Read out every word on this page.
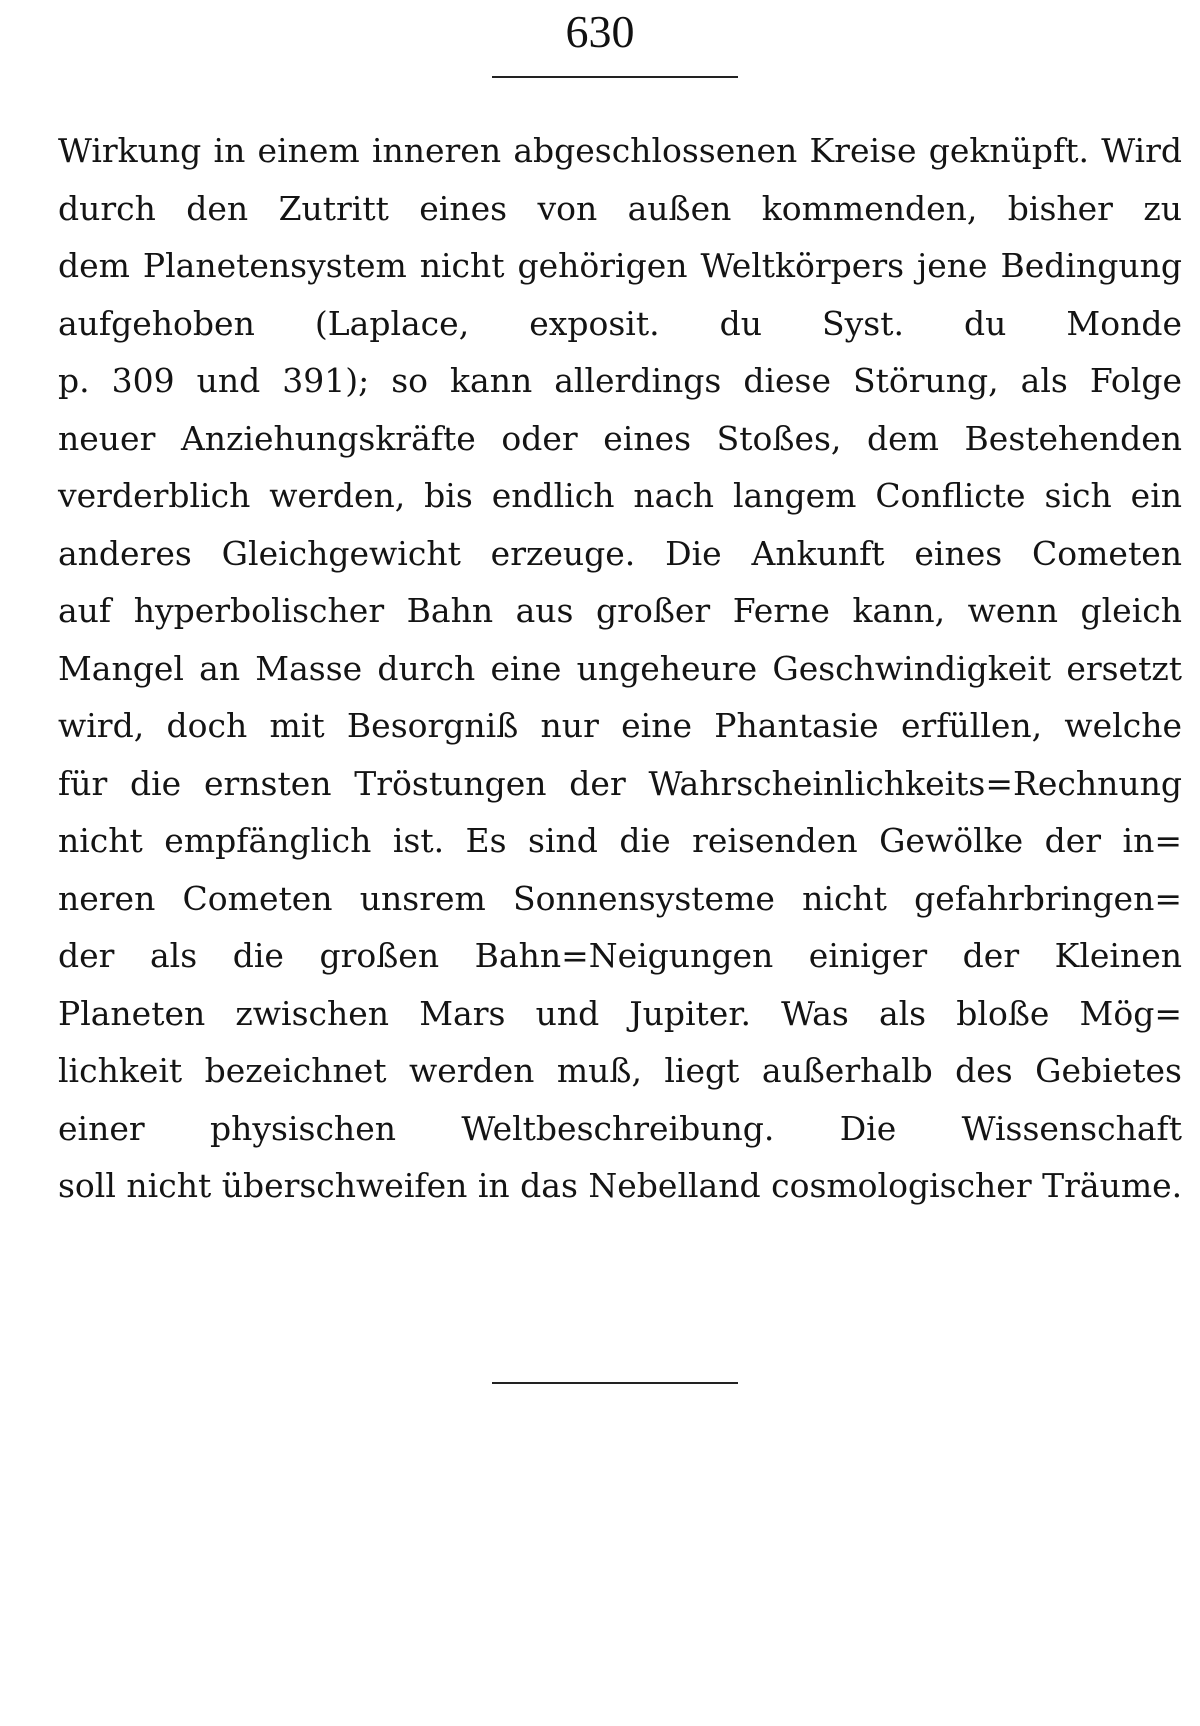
630
Wirkung in einem inneren abgeschlossenen Kreise geknüpft. Wird
durch den Zutritt eines von außen kommenden, bisher zu
dem Planetensystem nicht gehörigen Weltkörpers jene Bedingung
aufgehoben (Laplace, exposit. du Syst. du Monde
p. 309 und 391); so kann allerdings diese Störung, als Folge
neuer Anziehungskräfte oder eines Stoßes, dem Bestehenden
verderblich werden, bis endlich nach langem Conflicte sich ein
anderes Gleichgewicht erzeuge. Die Ankunft eines Cometen
auf hyperbolischer Bahn aus großer Ferne kann, wenn gleich
Mangel an Masse durch eine ungeheure Geschwindigkeit ersetzt
wird, doch mit Besorgniß nur eine Phantasie erfüllen, welche
für die ernsten Tröstungen der Wahrscheinlichkeits=Rechnung
nicht empfänglich ist. Es sind die reisenden Gewölke der in=
neren Cometen unsrem Sonnensysteme nicht gefahrbringen=
der als die großen Bahn=Neigungen einiger der Kleinen
Planeten zwischen Mars und Jupiter. Was als bloße Mög=
lichkeit bezeichnet werden muß, liegt außerhalb des Gebietes
einer physischen Weltbeschreibung. Die Wissenschaft
soll nicht überschweifen in das Nebelland cosmologischer Träume.
